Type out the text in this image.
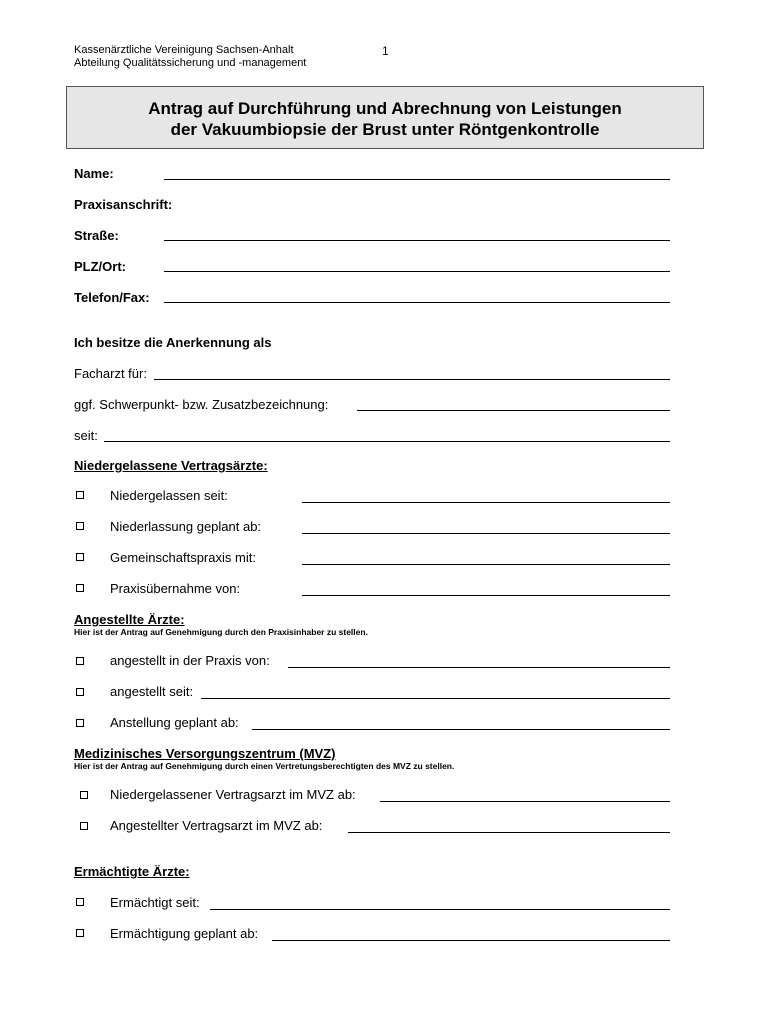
Kassenärztliche Vereinigung Sachsen-Anhalt
Abteilung Qualitätssicherung und -management
1
Antrag auf Durchführung und Abrechnung von Leistungen
der Vakuumbiopsie der Brust unter Röntgenkontrolle
Name:
Praxisanschrift:
Straße:
PLZ/Ort:
Telefon/Fax:
Ich besitze die Anerkennung als
Facharzt für:
ggf. Schwerpunkt- bzw. Zusatzbezeichnung:
seit:
Niedergelassene Vertragsärzte:
Niedergelassen seit:
Niederlassung geplant ab:
Gemeinschaftspraxis mit:
Praxisübernahme von:
Angestellte Ärzte:
Hier ist der Antrag auf Genehmigung durch den Praxisinhaber zu stellen.
angestellt in der Praxis von:
angestellt seit:
Anstellung geplant ab:
Medizinisches Versorgungszentrum (MVZ)
Hier ist der Antrag auf Genehmigung durch einen Vertretungsberechtigten des MVZ zu stellen.
Niedergelassener Vertragsarzt im MVZ ab:
Angestellter Vertragsarzt im MVZ ab:
Ermächtigte Ärzte:
Ermächtigt seit:
Ermächtigung geplant ab:
